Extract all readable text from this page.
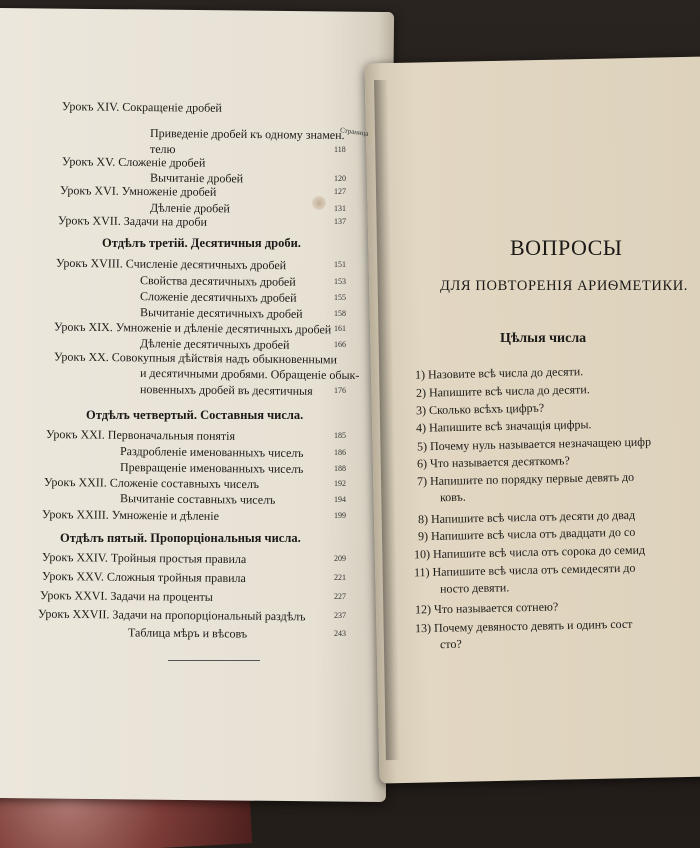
Урокъ XIV. Сокращеніе дробей
Приведеніе дробей къ одному знамен.
телю	118
Урокъ XV. Сложеніе дробей
Вычитаніе дробей	120
Урокъ XVI. Умноженіе дробей	127
Дѣленіе дробей	131
Урокъ XVII. Задачи на дроби	137
Урокъ XVIII. Счисленіе десятичныхъ дробей	151
Свойства десятичныхъ дробей	153
Сложеніе десятичныхъ дробей	155
Вычитаніе десятичныхъ дробей	158
Урокъ XIX. Умноженіе и дѣленіе десятичныхъ дробей 161
Дѣленіе десятичныхъ дробей	166
Урокъ XX. Совокупныя дѣйствія надъ обыкновенными
и десятичными дробями. Обращеніе обык-
новенныхъ дробей въ десятичныя	176
Урокъ XXI. Первоначальныя понятія	185
Раздробленіе именованныхъ чиселъ	186
Превращеніе именованныхъ чиселъ	188
Урокъ XXII. Сложеніе составныхъ чиселъ	192
Вычитаніе составныхъ чиселъ	194
Урокъ XXIII. Умноженіе и дѣленіе	199
Урокъ XXIV. Тройныя простыя правила	209
Урокъ XXV. Сложныя тройныя правила	221
Урокъ XXVI. Задачи на проценты	227
Урокъ XXVII. Задачи на пропорціональный раздѣлъ	237
Таблица мѣръ и вѣсовъ	243
Страница
Отдѣлъ третій. Десятичныя дроби.
Отдѣлъ четвертый. Составныя числа.
Отдѣлъ пятый. Пропорціональныя числа.
ВОПРОСЫ
ДЛЯ ПОВТОРЕНІЯ АРИѲМЕТИКИ.
Цѣлыя числа
1) Назовите всѣ числа до десяти.
2) Напишите всѣ числа до десяти.
3) Сколько всѣхъ цифръ?
4) Напишите всѣ значащія цифры.
5) Почему нуль называется незначащею цифр
6) Что называется десяткомъ?
7) Напишите по порядку первые девять до
ковъ.
8) Напишите всѣ числа отъ десяти до двад
9) Напишите всѣ числа отъ двадцати до со
10) Напишите всѣ числа отъ сорока до семид
11) Напишите всѣ числа отъ семидесяти до
носто девяти.
12) Что называется сотнею?
13) Почему девяносто девять и одинъ сост
сто?
